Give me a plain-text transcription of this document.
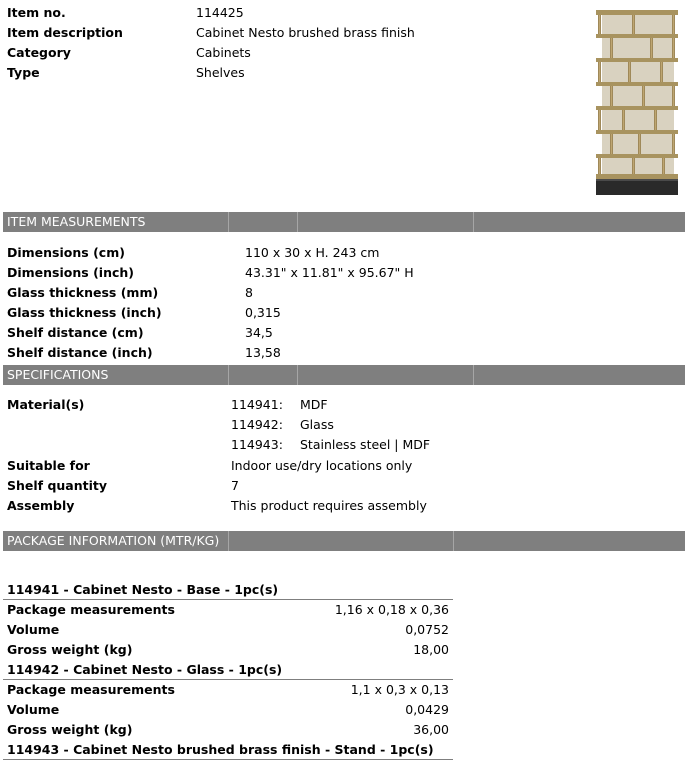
Item no.	114425
Item description	Cabinet Nesto brushed brass finish
Category	Cabinets
Type	Shelves
ITEM MEASUREMENTS
Dimensions (cm)	110 x 30 x H. 243 cm
Dimensions (inch)	43.31" x 11.81" x 95.67" H
Glass thickness (mm)	8
Glass thickness (inch)	0,315
Shelf distance (cm)	34,5
Shelf distance (inch)	13,58
SPECIFICATIONS
Material(s)	114941: MDF
114942: Glass
114943: Stainless steel | MDF
Suitable for	Indoor use/dry locations only
Shelf quantity	7
Assembly	This product requires assembly
PACKAGE INFORMATION (MTR/KG)
114941 - Cabinet Nesto - Base - 1pc(s)
Package measurements	1,16 x 0,18 x 0,36
Volume	0,0752
Gross weight (kg)	18,00
114942 - Cabinet Nesto - Glass - 1pc(s)
Package measurements	1,1 x 0,3 x 0,13
Volume	0,0429
Gross weight (kg)	36,00
114943 - Cabinet Nesto brushed brass finish - Stand - 1pc(s)
